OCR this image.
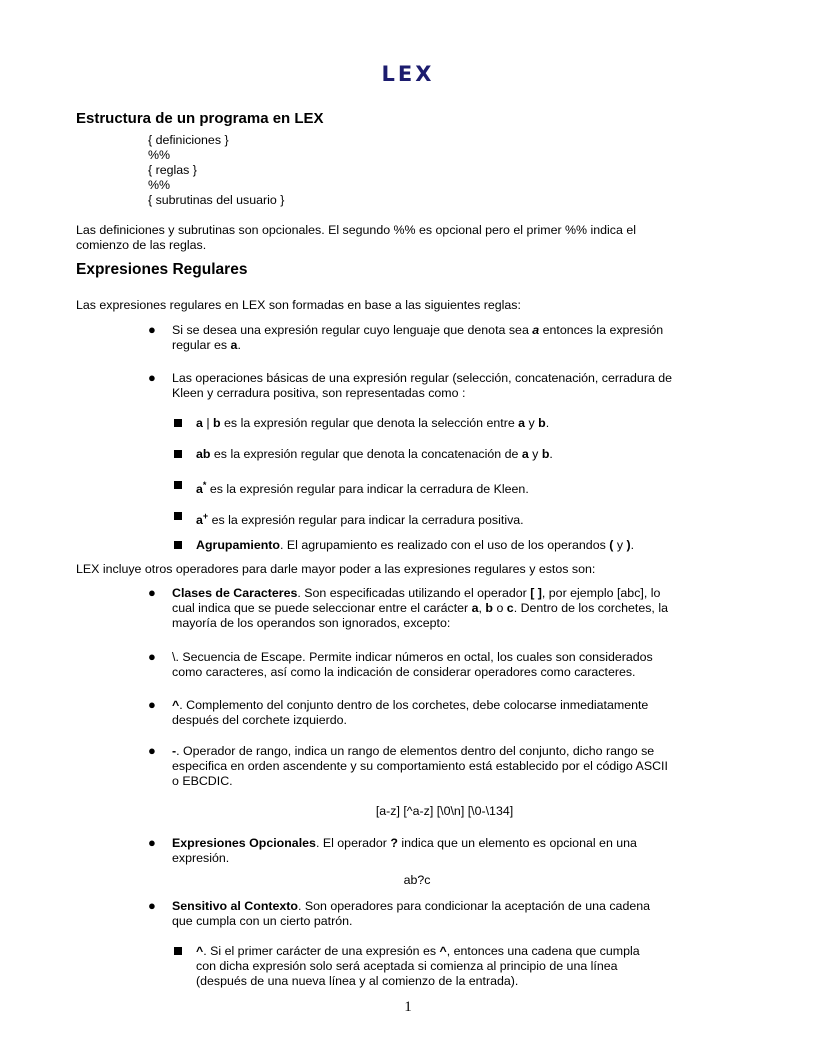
LEX
Estructura de un programa en LEX
{ definiciones }
%%
{ reglas }
%%
{ subrutinas del usuario }
Las definiciones y subrutinas son opcionales. El segundo %% es opcional pero el primer %% indica el
comienzo de las reglas.
Expresiones Regulares
Las expresiones regulares en LEX son formadas en base a las siguientes reglas:
● Si se desea una expresión regular cuyo lenguaje que denota sea a entonces la expresión
regular es a.
● Las operaciones básicas de una expresión regular (selección, concatenación, cerradura de
Kleen y cerradura positiva, son representadas como :
a | b es la expresión regular que denota la selección entre a y b.
ab es la expresión regular que denota la concatenación de a y b.
a* es la expresión regular para indicar la cerradura de Kleen.
a+ es la expresión regular para indicar la cerradura positiva.
Agrupamiento. El agrupamiento es realizado con el uso de los operandos ( y ).
LEX incluye otros operadores para darle mayor poder a las expresiones regulares y estos son:
● Clases de Caracteres. Son especificadas utilizando el operador [ ], por ejemplo [abc], lo
cual indica que se puede seleccionar entre el carácter a, b o c. Dentro de los corchetes, la
mayoría de los operandos son ignorados, excepto:
● \. Secuencia de Escape. Permite indicar números en octal, los cuales son considerados
como caracteres, así como la indicación de considerar operadores como caracteres.
● ^. Complemento del conjunto dentro de los corchetes, debe colocarse inmediatamente
después del corchete izquierdo.
● -. Operador de rango, indica un rango de elementos dentro del conjunto, dicho rango se
especifica en orden ascendente y su comportamiento está establecido por el código ASCII
o EBCDIC.
[a-z] [^a-z] [\0\n] [\0-\134]
● Expresiones Opcionales. El operador ? indica que un elemento es opcional en una
expresión.
ab?c
● Sensitivo al Contexto. Son operadores para condicionar la aceptación de una cadena
que cumpla con un cierto patrón.
^. Si el primer carácter de una expresión es ^, entonces una cadena que cumpla
con dicha expresión solo será aceptada si comienza al principio de una línea
(después de una nueva línea y al comienzo de la entrada).
1
